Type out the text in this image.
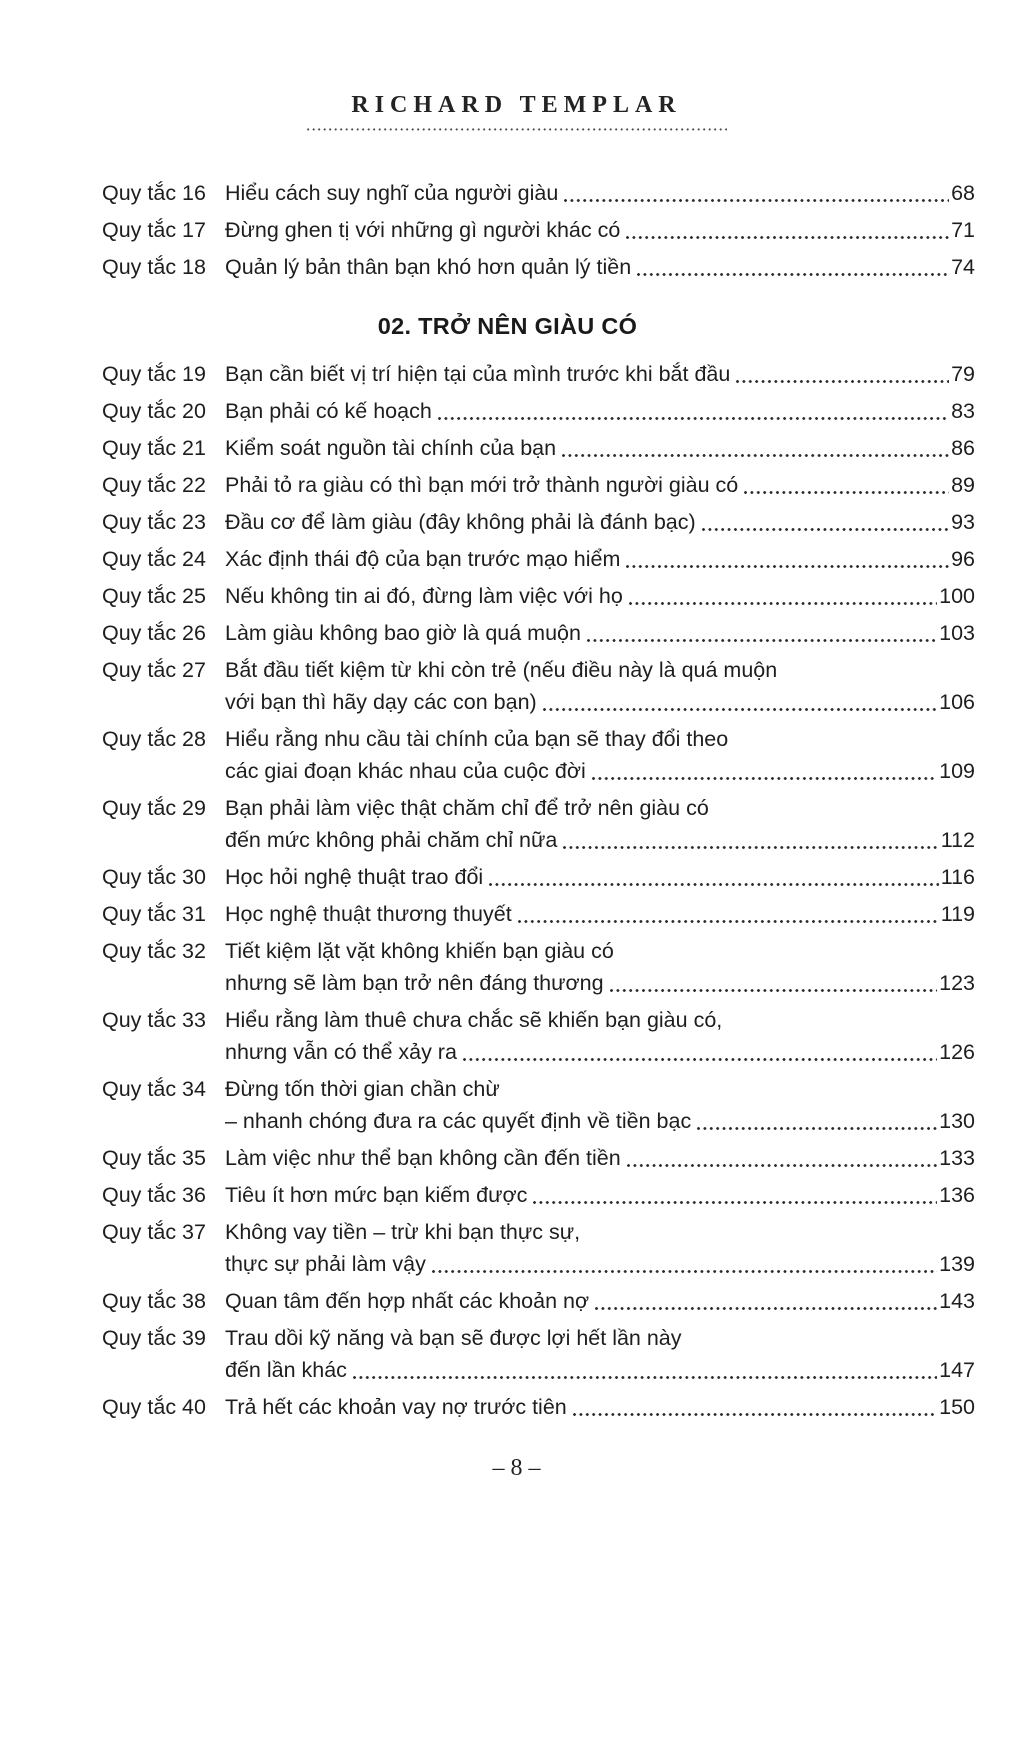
RICHARD TEMPLAR
Quy tắc 16 Hiểu cách suy nghĩ của người giàu	68
Quy tắc 17 Đừng ghen tị với những gì người khác có	71
Quy tắc 18 Quản lý bản thân bạn khó hơn quản lý tiền	74
02. TRỞ NÊN GIÀU CÓ
Quy tắc 19 Bạn cần biết vị trí hiện tại của mình trước khi bắt đầu	79
Quy tắc 20 Bạn phải có kế hoạch	83
Quy tắc 21 Kiểm soát nguồn tài chính của bạn	86
Quy tắc 22 Phải tỏ ra giàu có thì bạn mới trở thành người giàu có	89
Quy tắc 23 Đầu cơ để làm giàu (đây không phải là đánh bạc)	93
Quy tắc 24 Xác định thái độ của bạn trước mạo hiểm	96
Quy tắc 25 Nếu không tin ai đó, đừng làm việc với họ	100
Quy tắc 26 Làm giàu không bao giờ là quá muộn	103
Quy tắc 27 Bắt đầu tiết kiệm từ khi còn trẻ (nếu điều này là quá muộn
với bạn thì hãy dạy các con bạn)	106
Quy tắc 28 Hiểu rằng nhu cầu tài chính của bạn sẽ thay đổi theo
các giai đoạn khác nhau của cuộc đời	109
Quy tắc 29 Bạn phải làm việc thật chăm chỉ để trở nên giàu có
đến mức không phải chăm chỉ nữa	112
Quy tắc 30 Học hỏi nghệ thuật trao đổi	116
Quy tắc 31 Học nghệ thuật thương thuyết	119
Quy tắc 32 Tiết kiệm lặt vặt không khiến bạn giàu có
nhưng sẽ làm bạn trở nên đáng thương	123
Quy tắc 33 Hiểu rằng làm thuê chưa chắc sẽ khiến bạn giàu có,
nhưng vẫn có thể xảy ra	126
Quy tắc 34 Đừng tốn thời gian chần chừ
– nhanh chóng đưa ra các quyết định về tiền bạc	130
Quy tắc 35 Làm việc như thể bạn không cần đến tiền	133
Quy tắc 36 Tiêu ít hơn mức bạn kiếm được	136
Quy tắc 37 Không vay tiền – trừ khi bạn thực sự,
thực sự phải làm vậy	139
Quy tắc 38 Quan tâm đến hợp nhất các khoản nợ	143
Quy tắc 39 Trau dồi kỹ năng và bạn sẽ được lợi hết lần này
đến lần khác	147
Quy tắc 40 Trả hết các khoản vay nợ trước tiên	150
– 8 –
